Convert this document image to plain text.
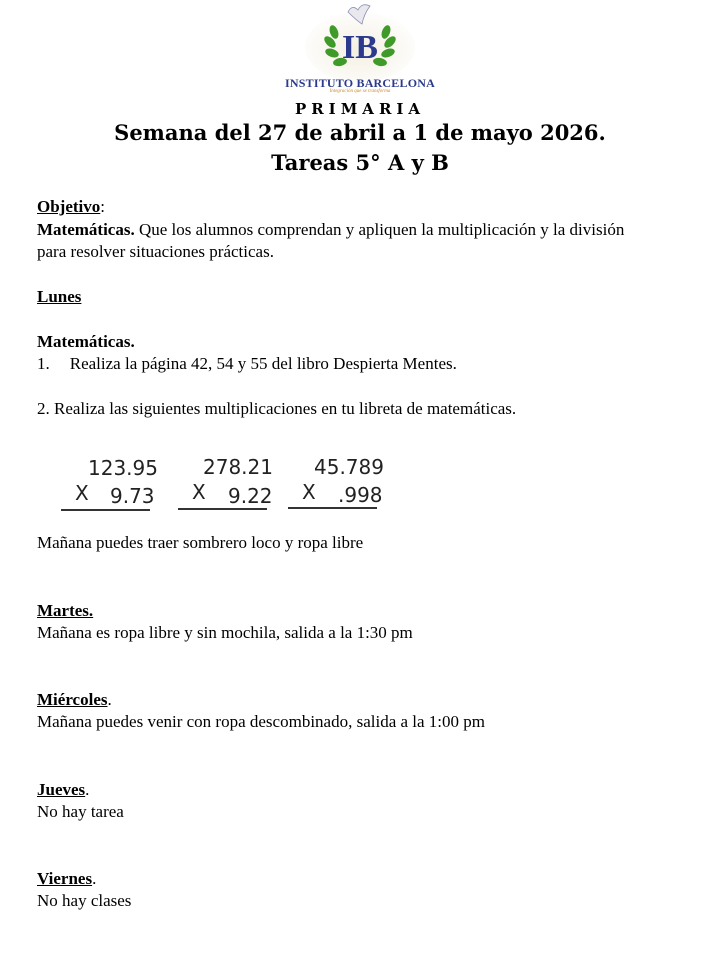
IB
INSTITUTO BARCELONA
Integración que se transforma
PRIMARIA
Semana del 27 de abril a 1 de mayo 2026.
Tareas 5° A y B
Objetivo:
Matemáticas. Que los alumnos comprendan y apliquen la multiplicación y la división
para resolver situaciones prácticas.
Lunes
Matemáticas.
1. Realiza la página 42, 54 y 55 del libro Despierta Mentes.
2. Realiza las siguientes multiplicaciones en tu libreta de matemáticas.
123.95
X 9.73
278.21
X 9.22
45.789
X .998
Mañana puedes traer sombrero loco y ropa libre
Martes.
Mañana es ropa libre y sin mochila, salida a la 1:30 pm
Miércoles.
Mañana puedes venir con ropa descombinado, salida a la 1:00 pm
Jueves.
No hay tarea
Viernes.
No hay clases
